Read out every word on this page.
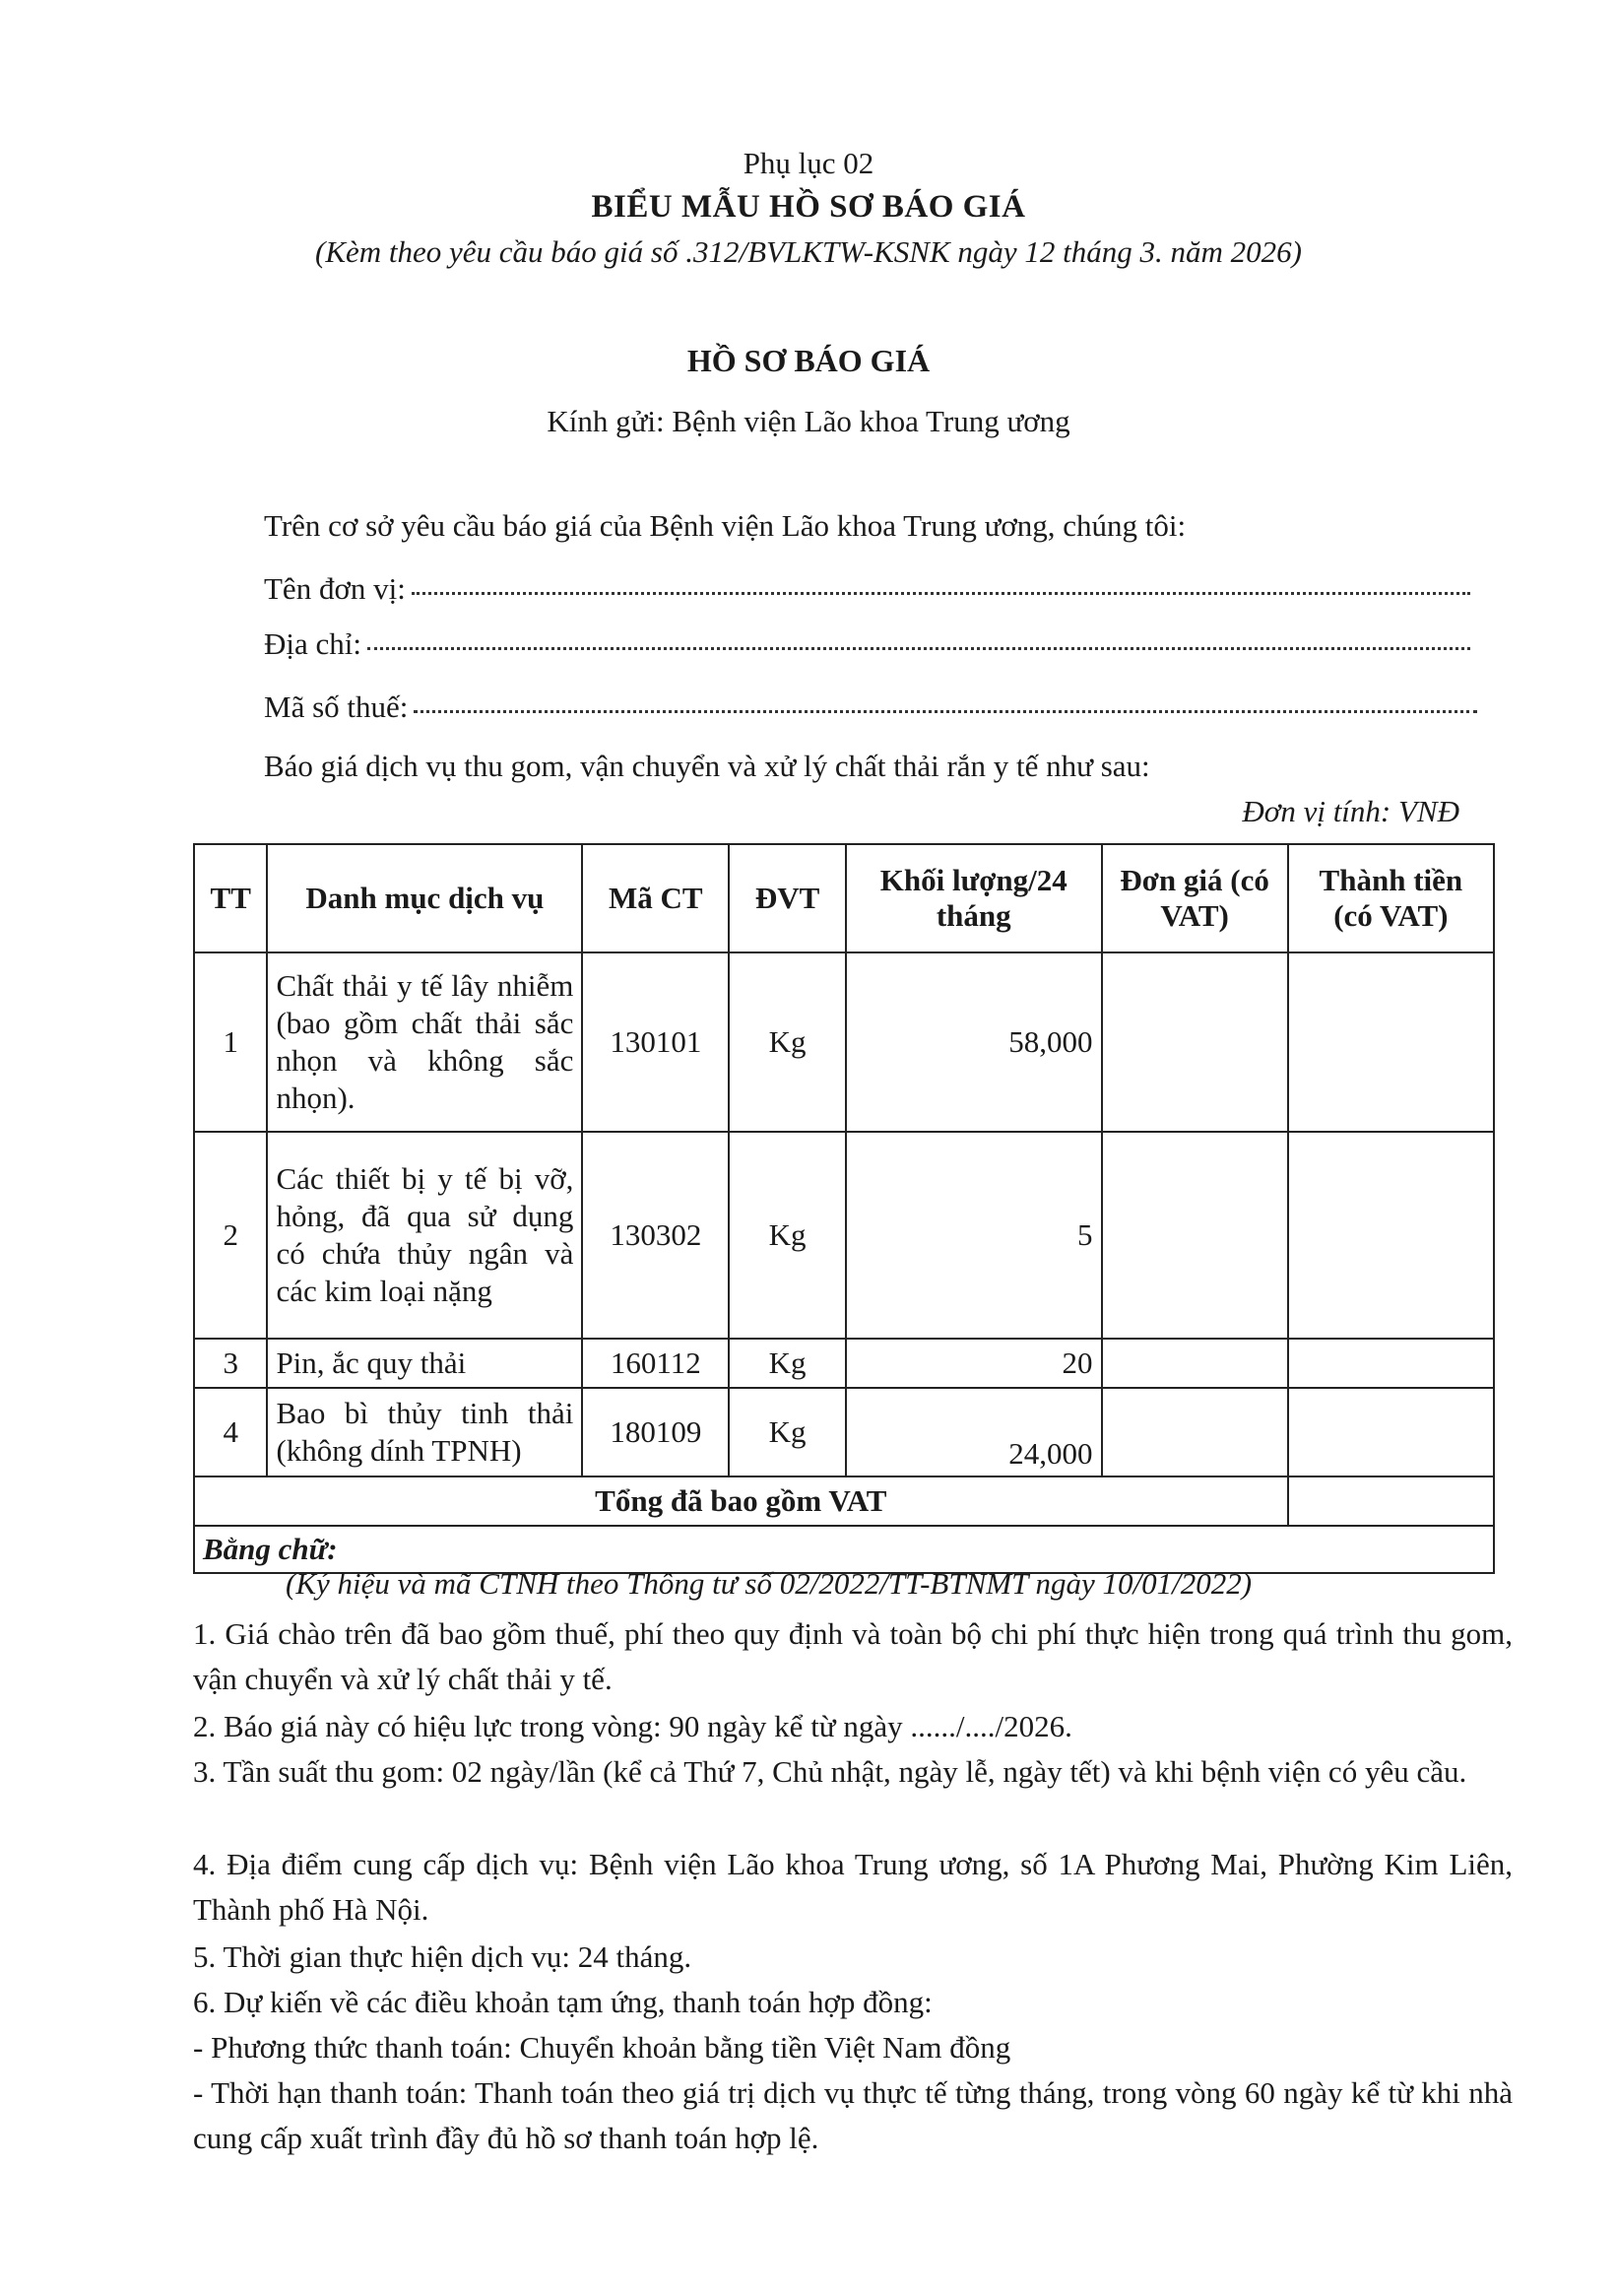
Phụ lục 02
BIỂU MẪU HỒ SƠ BÁO GIÁ
(Kèm theo yêu cầu báo giá số .312/BVLKTW-KSNK ngày 12 tháng 3. năm 2026)
HỒ SƠ BÁO GIÁ
Kính gửi: Bệnh viện Lão khoa Trung ương
Trên cơ sở yêu cầu báo giá của Bệnh viện Lão khoa Trung ương, chúng tôi:
Tên đơn vị:
Địa chỉ:
Mã số thuế:
Báo giá dịch vụ thu gom, vận chuyển và xử lý chất thải rắn y tế như sau:
Đơn vị tính: VNĐ
TT	Danh mục dịch vụ	Mã CT	ĐVT	Khối lượng/24 tháng	Đơn giá (có VAT)	Thành tiền (có VAT)
1	Chất thải y tế lây nhiễm (bao gồm chất thải sắc nhọn và không sắc nhọn).	130101	Kg	58,000		
2	Các thiết bị y tế bị vỡ, hỏng, đã qua sử dụng có chứa thủy ngân và các kim loại nặng	130302	Kg	5		
3	Pin, ắc quy thải	160112	Kg	20		
4	Bao bì thủy tinh thải (không dính TPNH)	180109	Kg	24,000		
Tổng đã bao gồm VAT						
Bằng chữ:						
(Ký hiệu và mã CTNH theo Thông tư số 02/2022/TT-BTNMT ngày 10/01/2022)
1. Giá chào trên đã bao gồm thuế, phí theo quy định và toàn bộ chi phí thực hiện trong quá trình thu gom, vận chuyển và xử lý chất thải y tế.
2. Báo giá này có hiệu lực trong vòng: 90 ngày kể từ ngày ....../..../2026.
3. Tần suất thu gom: 02 ngày/lần (kể cả Thứ 7, Chủ nhật, ngày lễ, ngày tết) và khi bệnh viện có yêu cầu.
4. Địa điểm cung cấp dịch vụ: Bệnh viện Lão khoa Trung ương, số 1A Phương Mai, Phường Kim Liên, Thành phố Hà Nội.
5. Thời gian thực hiện dịch vụ: 24 tháng.
6. Dự kiến về các điều khoản tạm ứng, thanh toán hợp đồng:
- Phương thức thanh toán: Chuyển khoản bằng tiền Việt Nam đồng
- Thời hạn thanh toán: Thanh toán theo giá trị dịch vụ thực tế từng tháng, trong vòng 60 ngày kể từ khi nhà cung cấp xuất trình đầy đủ hồ sơ thanh toán hợp lệ.
